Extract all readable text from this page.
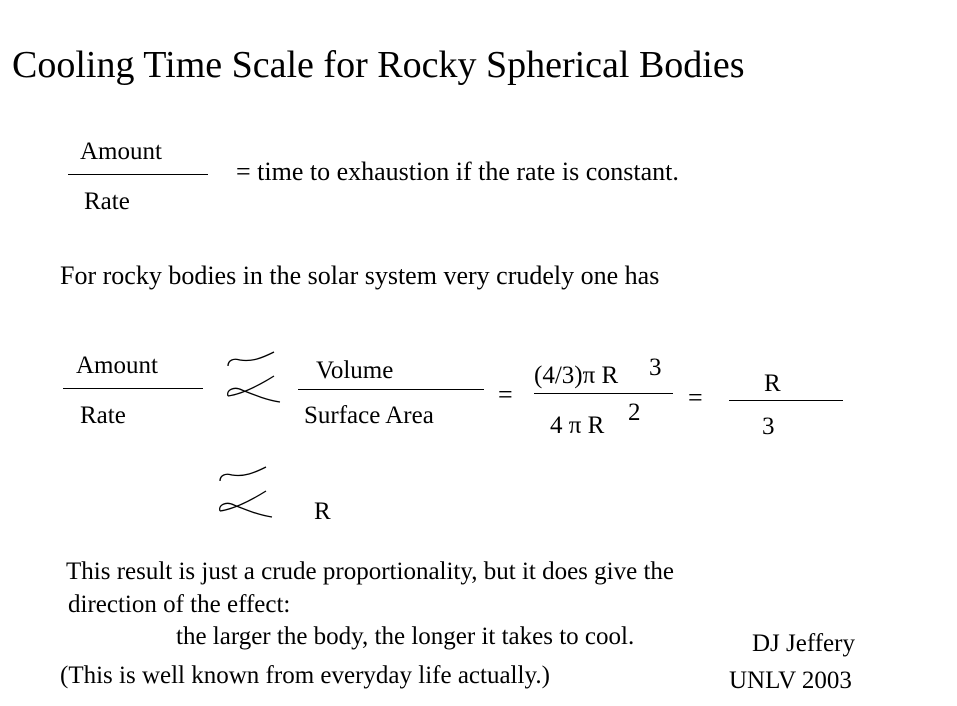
Cooling Time Scale for Rocky Spherical Bodies
Amount
Rate
= time to exhaustion if the rate is constant.
For rocky bodies in the solar system very crudely one has
Amount
Rate
Volume
Surface Area
=
(4/3)π R 3
4 π R 2
= R
3
R
This result is just a crude proportionality, but it does give the
direction of the effect:
the larger the body, the longer it takes to cool.
(This is well known from everyday life actually.)
DJ Jeffery
UNLV 2003
